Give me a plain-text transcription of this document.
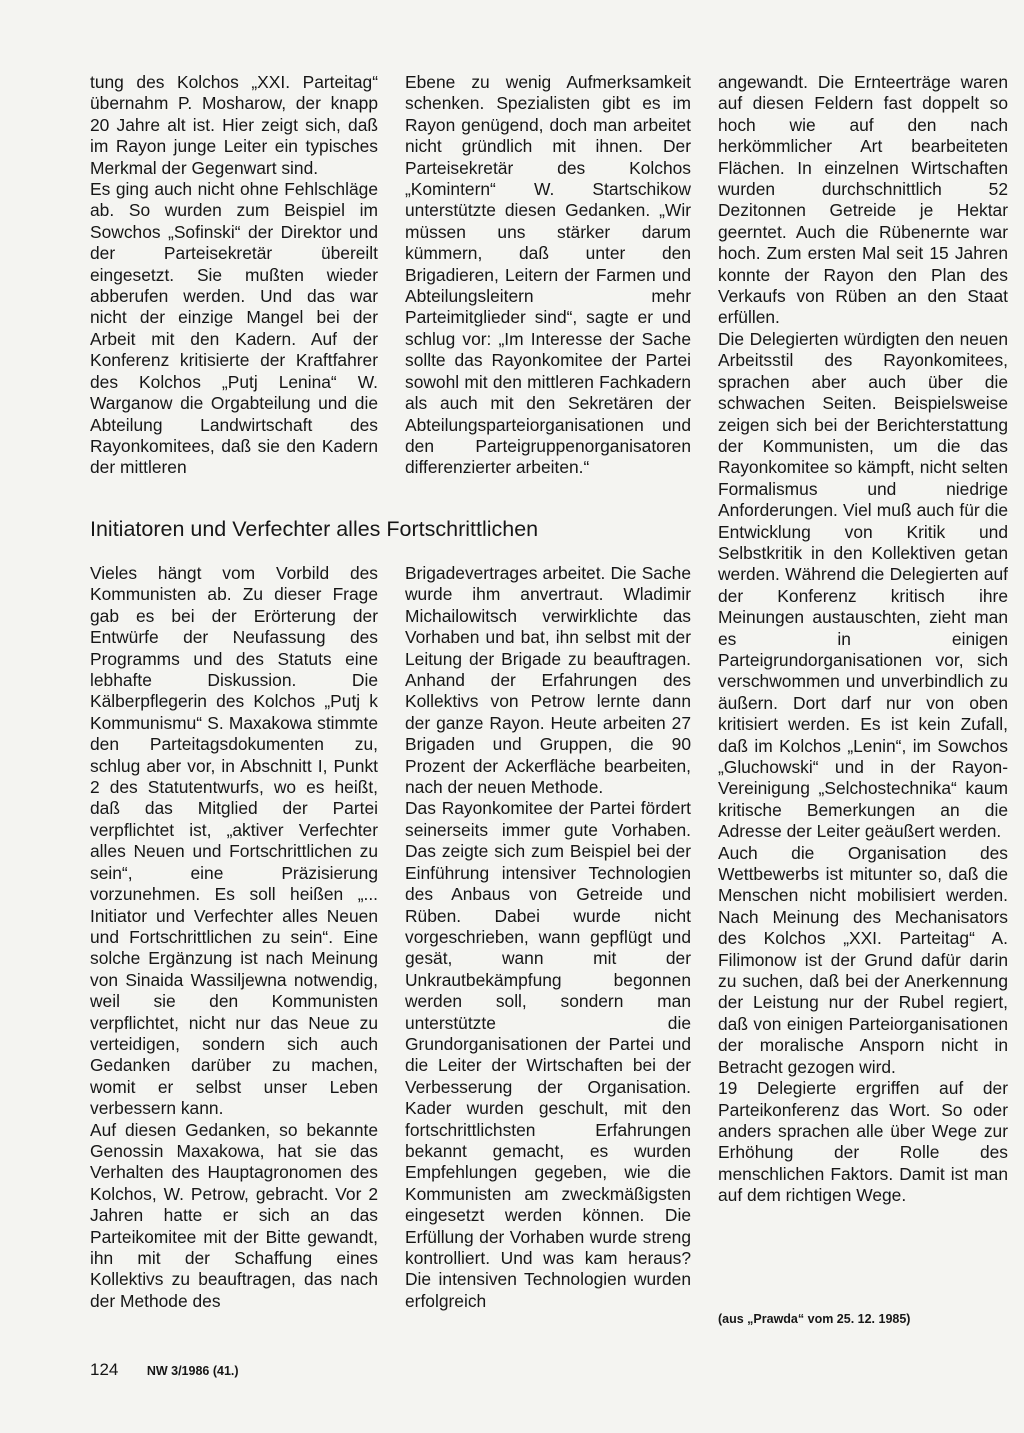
tung des Kolchos „XXI. Parteitag“ übernahm P. Mosharow, der knapp 20 Jahre alt ist. Hier zeigt sich, daß im Rayon junge Leiter ein typisches Merkmal der Gegenwart sind.

Es ging auch nicht ohne Fehlschläge ab. So wurden zum Beispiel im Sowchos „Sofinski“ der Direktor und der Parteisekretär übereilt eingesetzt. Sie mußten wieder abberufen werden. Und das war nicht der einzige Mangel bei der Arbeit mit den Kadern. Auf der Konferenz kritisierte der Kraftfahrer des Kolchos „Putj Lenina“ W. Warganow die Orgabteilung und die Abteilung Landwirtschaft des Rayonkomitees, daß sie den Kadern der mittleren

Ebene zu wenig Aufmerksamkeit schenken. Spezialisten gibt es im Rayon genügend, doch man arbeitet nicht gründlich mit ihnen. Der Parteisekretär des Kolchos „Komintern“ W. Startschikow unterstützte diesen Gedanken. „Wir müssen uns stärker darum kümmern, daß unter den Brigadieren, Leitern der Farmen und Abteilungsleitern mehr Parteimitglieder sind“, sagte er und schlug vor: „Im Interesse der Sache sollte das Rayonkomitee der Partei sowohl mit den mittleren Fachkadern als auch mit den Sekretären der Abteilungsparteiorganisationen und den Parteigruppenorganisatoren differenzierter arbeiten.“

angewandt. Die Ernteerträge waren auf diesen Feldern fast doppelt so hoch wie auf den nach herkömmlicher Art bearbeiteten Flächen. In einzelnen Wirtschaften wurden durchschnittlich 52 Dezitonnen Getreide je Hektar geerntet. Auch die Rübenernte war hoch. Zum ersten Mal seit 15 Jahren konnte der Rayon den Plan des Verkaufs von Rüben an den Staat erfüllen.

Die Delegierten würdigten den neuen Arbeitsstil des Rayonkomitees, sprachen aber auch über die schwachen Seiten. Beispielsweise zeigen sich bei der Berichterstattung der Kommunisten, um die das Rayonkomitee so kämpft, nicht selten Formalismus und niedrige Anforderungen. Viel muß auch für die Entwicklung von Kritik und Selbstkritik in den Kollektiven getan werden. Während die Delegierten auf der Konferenz kritisch ihre Meinungen austauschten, zieht man es in einigen Parteigrundorganisationen vor, sich verschwommen und unverbindlich zu äußern. Dort darf nur von oben kritisiert werden. Es ist kein Zufall, daß im Kolchos „Lenin“, im Sowchos „Gluchowski“ und in der Rayon-Vereinigung „Selchostechnika“ kaum kritische Bemerkungen an die Adresse der Leiter geäußert werden.

Auch die Organisation des Wettbewerbs ist mitunter so, daß die Menschen nicht mobilisiert werden. Nach Meinung des Mechanisators des Kolchos „XXI. Parteitag“ A. Filimonow ist der Grund dafür darin zu suchen, daß bei der Anerkennung der Leistung nur der Rubel regiert, daß von einigen Parteiorganisationen der moralische Ansporn nicht in Betracht gezogen wird.

19 Delegierte ergriffen auf der Parteikonferenz das Wort. So oder anders sprachen alle über Wege zur Erhöhung der Rolle des menschlichen Faktors. Damit ist man auf dem richtigen Wege.

Initiatoren und Verfechter alles Fortschrittlichen

Vieles hängt vom Vorbild des Kommunisten ab. Zu dieser Frage gab es bei der Erörterung der Entwürfe der Neufassung des Programms und des Statuts eine lebhafte Diskussion. Die Kälberpflegerin des Kolchos „Putj k Kommunismu“ S. Maxakowa stimmte den Parteitagsdokumenten zu, schlug aber vor, in Abschnitt I, Punkt 2 des Statutentwurfs, wo es heißt, daß das Mitglied der Partei verpflichtet ist, „aktiver Verfechter alles Neuen und Fortschrittlichen zu sein“, eine Präzisierung vorzunehmen. Es soll heißen „... Initiator und Verfechter alles Neuen und Fortschrittlichen zu sein“. Eine solche Ergänzung ist nach Meinung von Sinaida Wassiljewna notwendig, weil sie den Kommunisten verpflichtet, nicht nur das Neue zu verteidigen, sondern sich auch Gedanken darüber zu machen, womit er selbst unser Leben verbessern kann.

Auf diesen Gedanken, so bekannte Genossin Maxakowa, hat sie das Verhalten des Hauptagronomen des Kolchos, W. Petrow, gebracht. Vor 2 Jahren hatte er sich an das Parteikomitee mit der Bitte gewandt, ihn mit der Schaffung eines Kollektivs zu beauftragen, das nach der Methode des

Brigadevertrages arbeitet. Die Sache wurde ihm anvertraut. Wladimir Michailowitsch verwirklichte das Vorhaben und bat, ihn selbst mit der Leitung der Brigade zu beauftragen. Anhand der Erfahrungen des Kollektivs von Petrow lernte dann der ganze Rayon. Heute arbeiten 27 Brigaden und Gruppen, die 90 Prozent der Ackerfläche bearbeiten, nach der neuen Methode.

Das Rayonkomitee der Partei fördert seinerseits immer gute Vorhaben. Das zeigte sich zum Beispiel bei der Einführung intensiver Technologien des Anbaus von Getreide und Rüben. Dabei wurde nicht vorgeschrieben, wann gepflügt und gesät, wann mit der Unkrautbekämpfung begonnen werden soll, sondern man unterstützte die Grundorganisationen der Partei und die Leiter der Wirtschaften bei der Verbesserung der Organisation. Kader wurden geschult, mit den fortschrittlichsten Erfahrungen bekannt gemacht, es wurden Empfehlungen gegeben, wie die Kommunisten am zweckmäßigsten eingesetzt werden können. Die Erfüllung der Vorhaben wurde streng kontrolliert. Und was kam heraus? Die intensiven Technologien wurden erfolgreich

(aus „Prawda“ vom 25. 12. 1985)
124 NW 3/1986 (41.)
